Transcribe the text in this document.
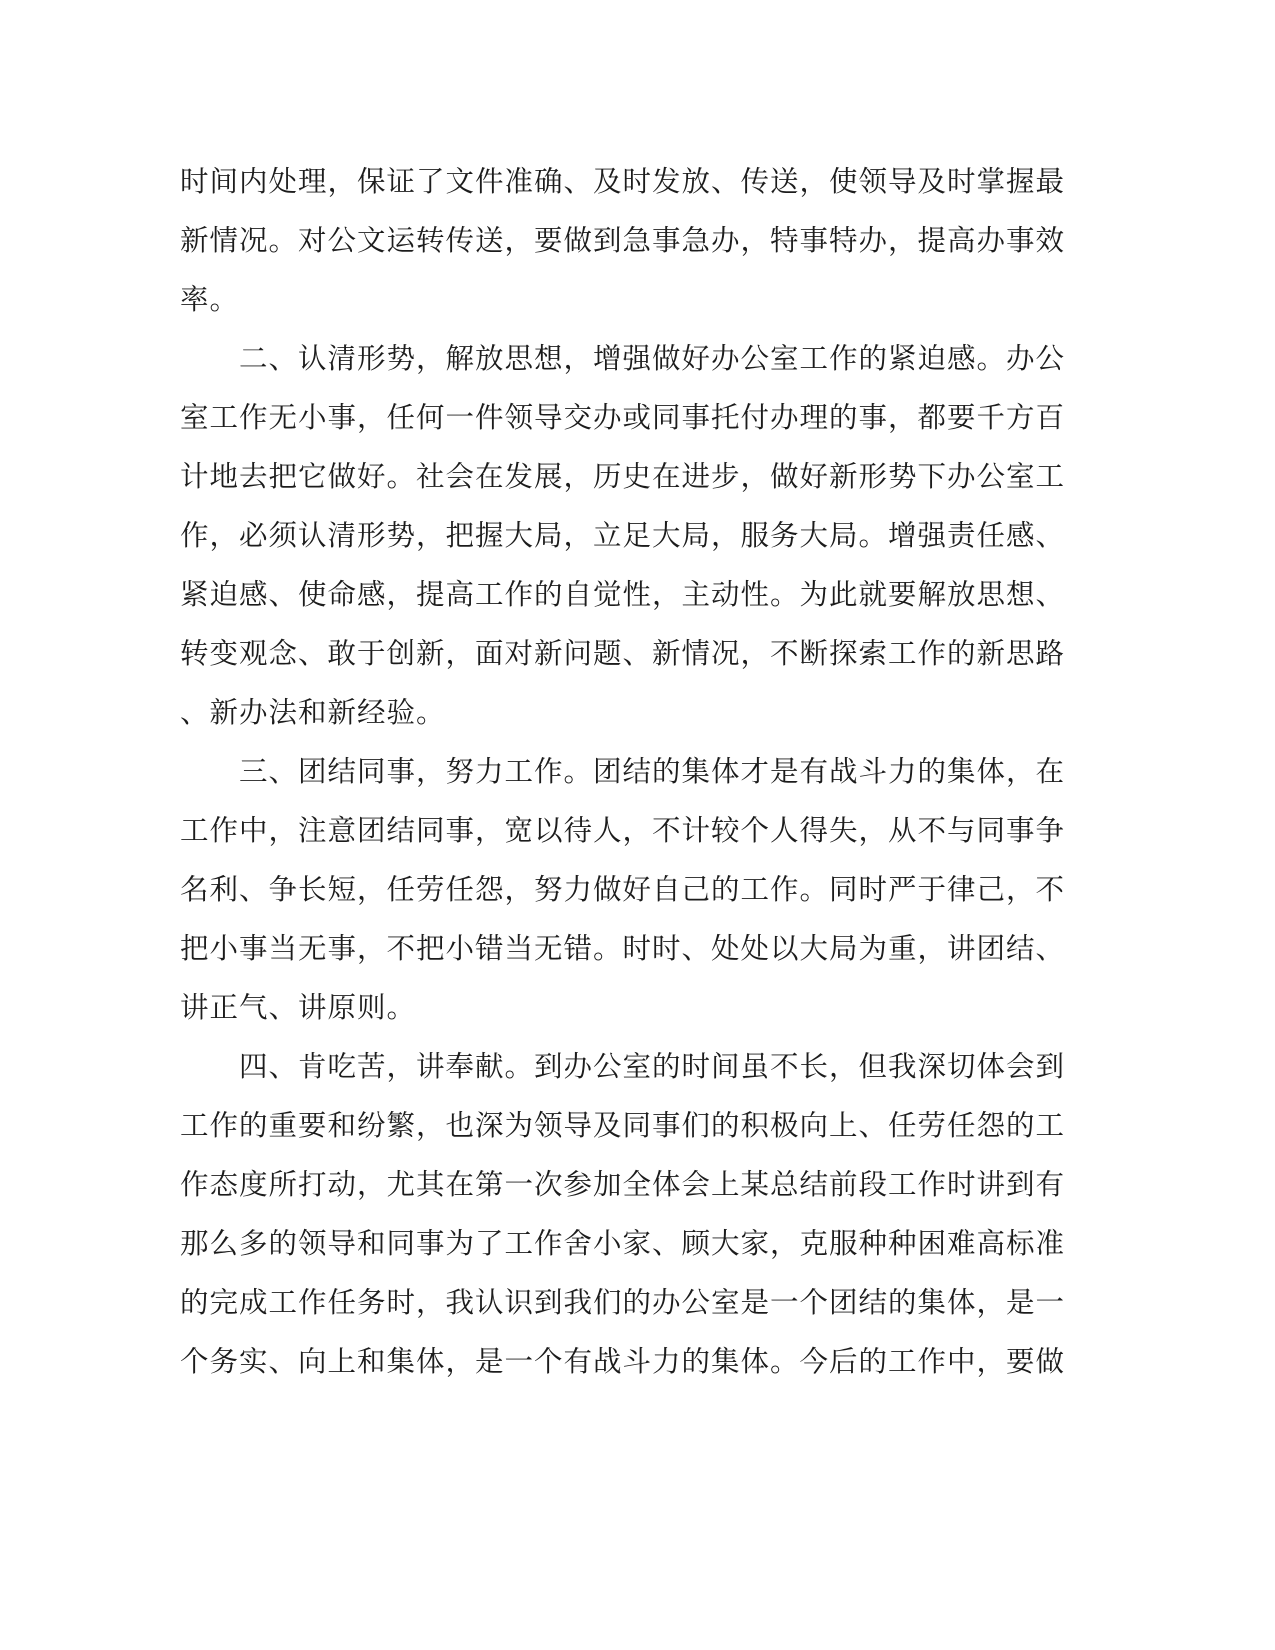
时间内处理，保证了文件准确、及时发放、传送，使领导及时掌握最
新情况。对公文运转传送，要做到急事急办，特事特办，提高办事效
率。
　　二、认清形势，解放思想，增强做好办公室工作的紧迫感。办公
室工作无小事，任何一件领导交办或同事托付办理的事，都要千方百
计地去把它做好。社会在发展，历史在进步，做好新形势下办公室工
作，必须认清形势，把握大局，立足大局，服务大局。增强责任感、
紧迫感、使命感，提高工作的自觉性，主动性。为此就要解放思想、
转变观念、敢于创新，面对新问题、新情况，不断探索工作的新思路
、新办法和新经验。
　　三、团结同事，努力工作。团结的集体才是有战斗力的集体，在
工作中，注意团结同事，宽以待人，不计较个人得失，从不与同事争
名利、争长短，任劳任怨，努力做好自己的工作。同时严于律己，不
把小事当无事，不把小错当无错。时时、处处以大局为重，讲团结、
讲正气、讲原则。
　　四、肯吃苦，讲奉献。到办公室的时间虽不长，但我深切体会到
工作的重要和纷繁，也深为领导及同事们的积极向上、任劳任怨的工
作态度所打动，尤其在第一次参加全体会上某总结前段工作时讲到有
那么多的领导和同事为了工作舍小家、顾大家，克服种种困难高标准
的完成工作任务时，我认识到我们的办公室是一个团结的集体，是一
个务实、向上和集体，是一个有战斗力的集体。今后的工作中，要做
